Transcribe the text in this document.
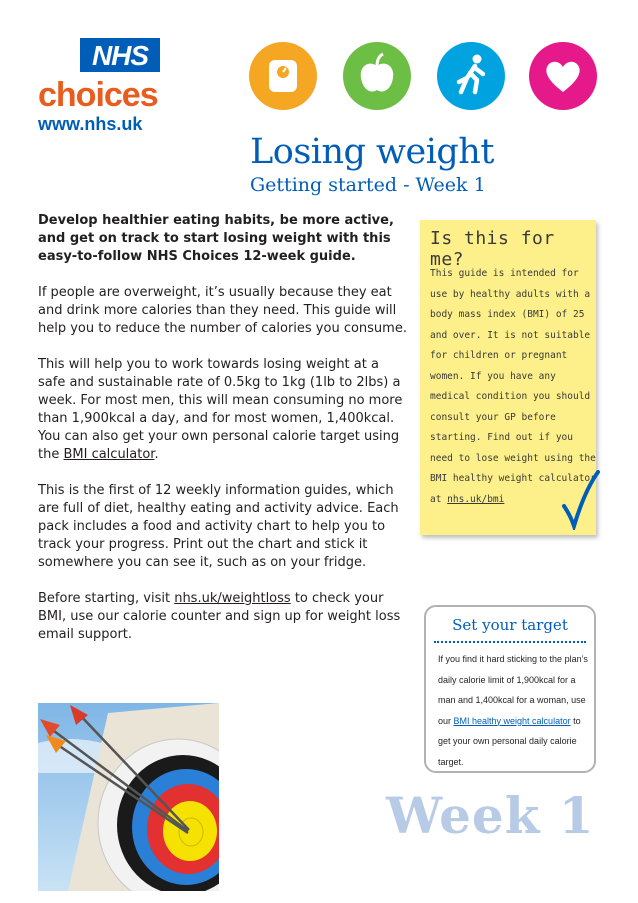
NHS
choices
www.nhs.uk
Losing weight
Getting started - Week 1

Develop healthier eating habits, be more active, and get on track to start losing weight with this easy-to-follow NHS Choices 12-week guide.

If people are overweight, it’s usually because they eat and drink more calories than they need. This guide will help you to reduce the number of calories you consume.

This will help you to work towards losing weight at a safe and sustainable rate of 0.5kg to 1kg (1lb to 2lbs) a week. For most men, this will mean consuming no more than 1,900kcal a day, and for most women, 1,400kcal. You can also get your own personal calorie target using the BMI calculator.

This is the first of 12 weekly information guides, which are full of diet, healthy eating and activity advice. Each pack includes a food and activity chart to help you to track your progress. Print out the chart and stick it somewhere you can see it, such as on your fridge.

Before starting, visit nhs.uk/weightloss to check your BMI, use our calorie counter and sign up for weight loss email support.

Is this for me?
This guide is intended for use by healthy adults with a body mass index (BMI) of 25 and over. It is not suitable for children or pregnant women. If you have any medical condition you should consult your GP before starting. Find out if you need to lose weight using the BMI healthy weight calculator at nhs.uk/bmi
Set your target
If you find it hard sticking to the plan’s daily calorie limit of 1,900kcal for a man and 1,400kcal for a woman, use our BMI healthy weight calculator to get your own personal daily calorie target.
Week 1
